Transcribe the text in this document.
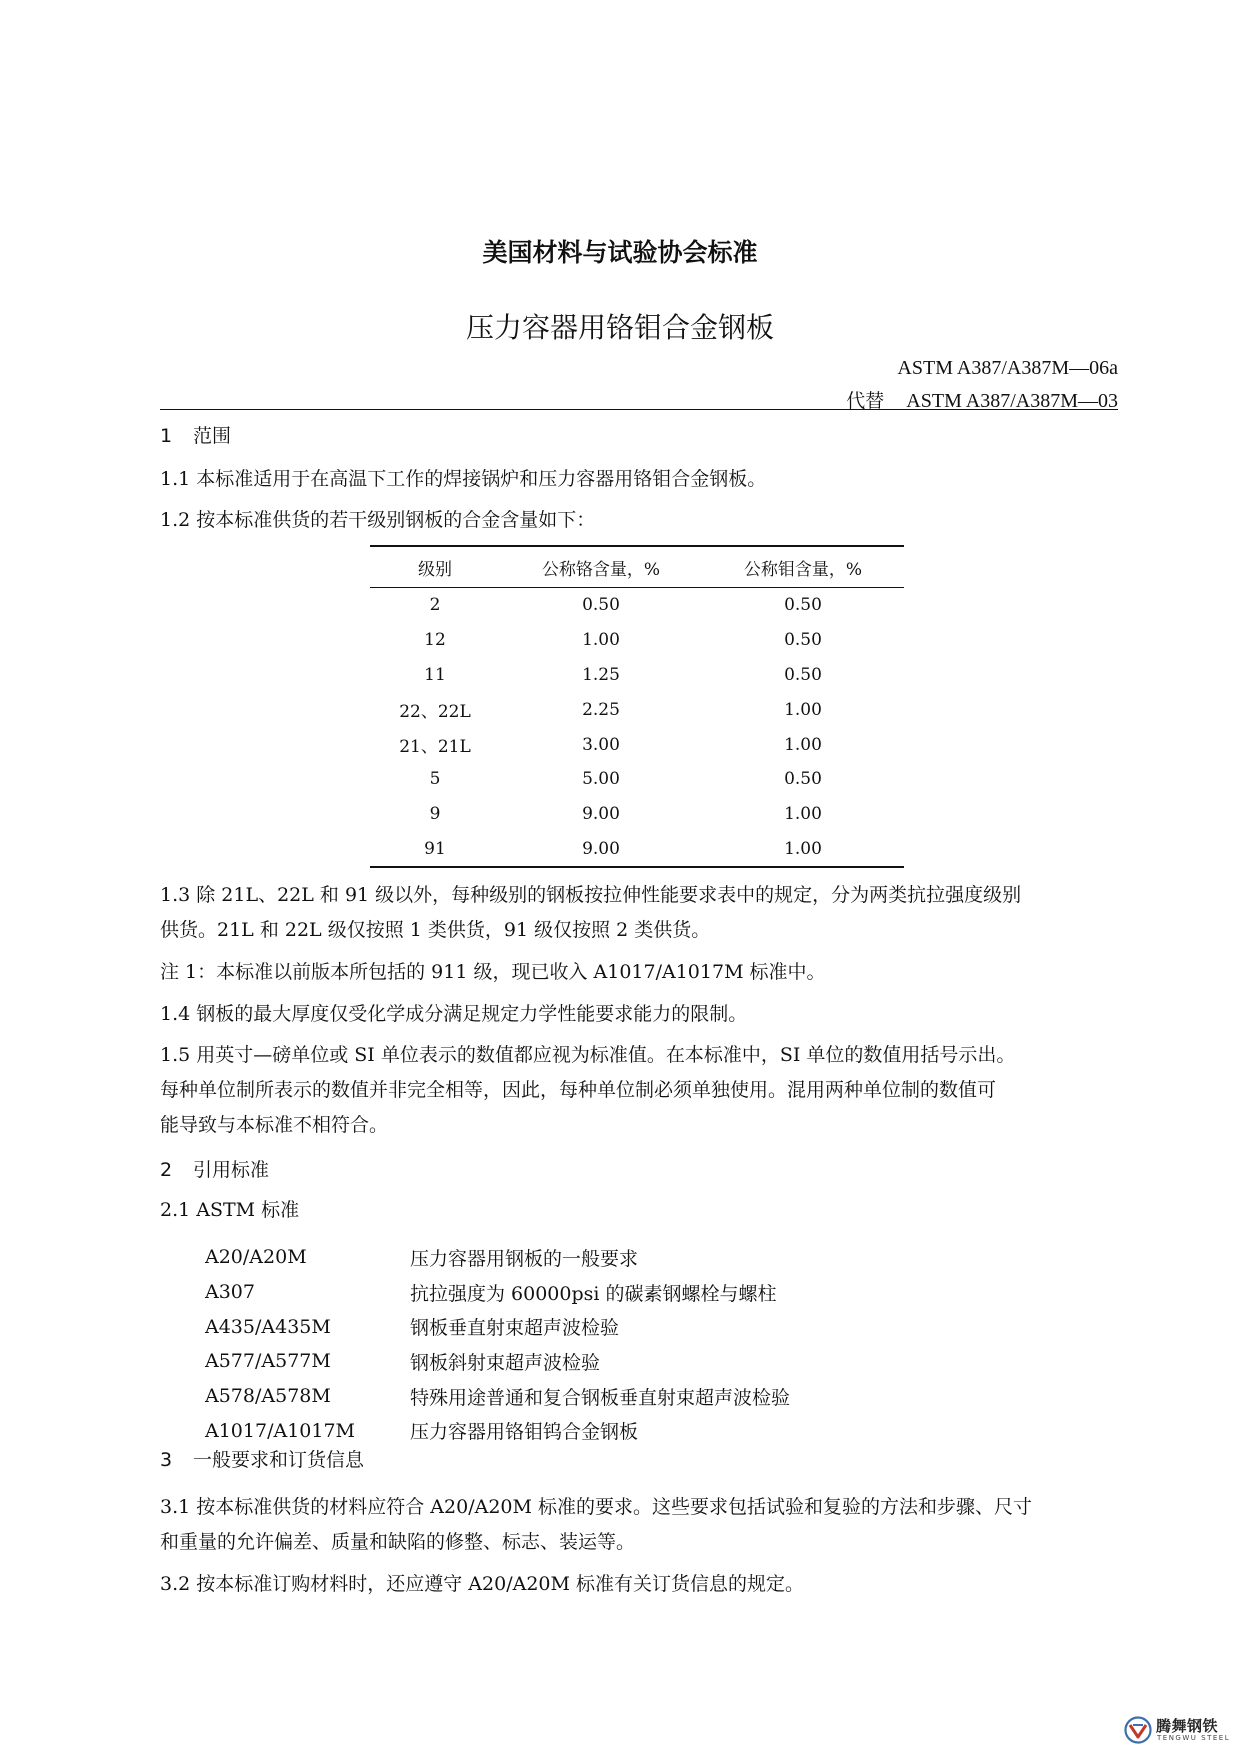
美国材料与试验协会标准
压力容器用铬钼合金钢板
ASTM A387/A387M—06a
代替 ASTM A387/A387M—03
1 范围
1.1 本标准适用于在高温下工作的焊接锅炉和压力容器用铬钼合金钢板。
1.2 按本标准供货的若干级别钢板的合金含量如下：
级别	公称铬含量，%	公称钼含量，%
2	0.50	0.50
12	1.00	0.50
11	1.25	0.50
22、22L	2.25	1.00
21、21L	3.00	1.00
5	5.00	0.50
9	9.00	1.00
91	9.00	1.00
1.3 除 21L、22L 和 91 级以外，每种级别的钢板按拉伸性能要求表中的规定，分为两类抗拉强度级别
供货。21L 和 22L 级仅按照 1 类供货，91 级仅按照 2 类供货。
注 1：本标准以前版本所包括的 911 级，现已收入 A1017/A1017M 标准中。
1.4 钢板的最大厚度仅受化学成分满足规定力学性能要求能力的限制。
1.5 用英寸—磅单位或 SI 单位表示的数值都应视为标准值。在本标准中，SI 单位的数值用括号示出。
每种单位制所表示的数值并非完全相等，因此，每种单位制必须单独使用。混用两种单位制的数值可
能导致与本标准不相符合。
2 引用标准
2.1 ASTM 标准
A20/A20M	压力容器用钢板的一般要求
A307	抗拉强度为 60000psi 的碳素钢螺栓与螺柱
A435/A435M	钢板垂直射束超声波检验
A577/A577M	钢板斜射束超声波检验
A578/A578M	特殊用途普通和复合钢板垂直射束超声波检验
A1017/A1017M	压力容器用铬钼钨合金钢板
3 一般要求和订货信息
3.1 按本标准供货的材料应符合 A20/A20M 标准的要求。这些要求包括试验和复验的方法和步骤、尺寸
和重量的允许偏差、质量和缺陷的修整、标志、装运等。
3.2 按本标准订购材料时，还应遵守 A20/A20M 标准有关订货信息的规定。
腾舞钢铁
TENGWU STEEL
